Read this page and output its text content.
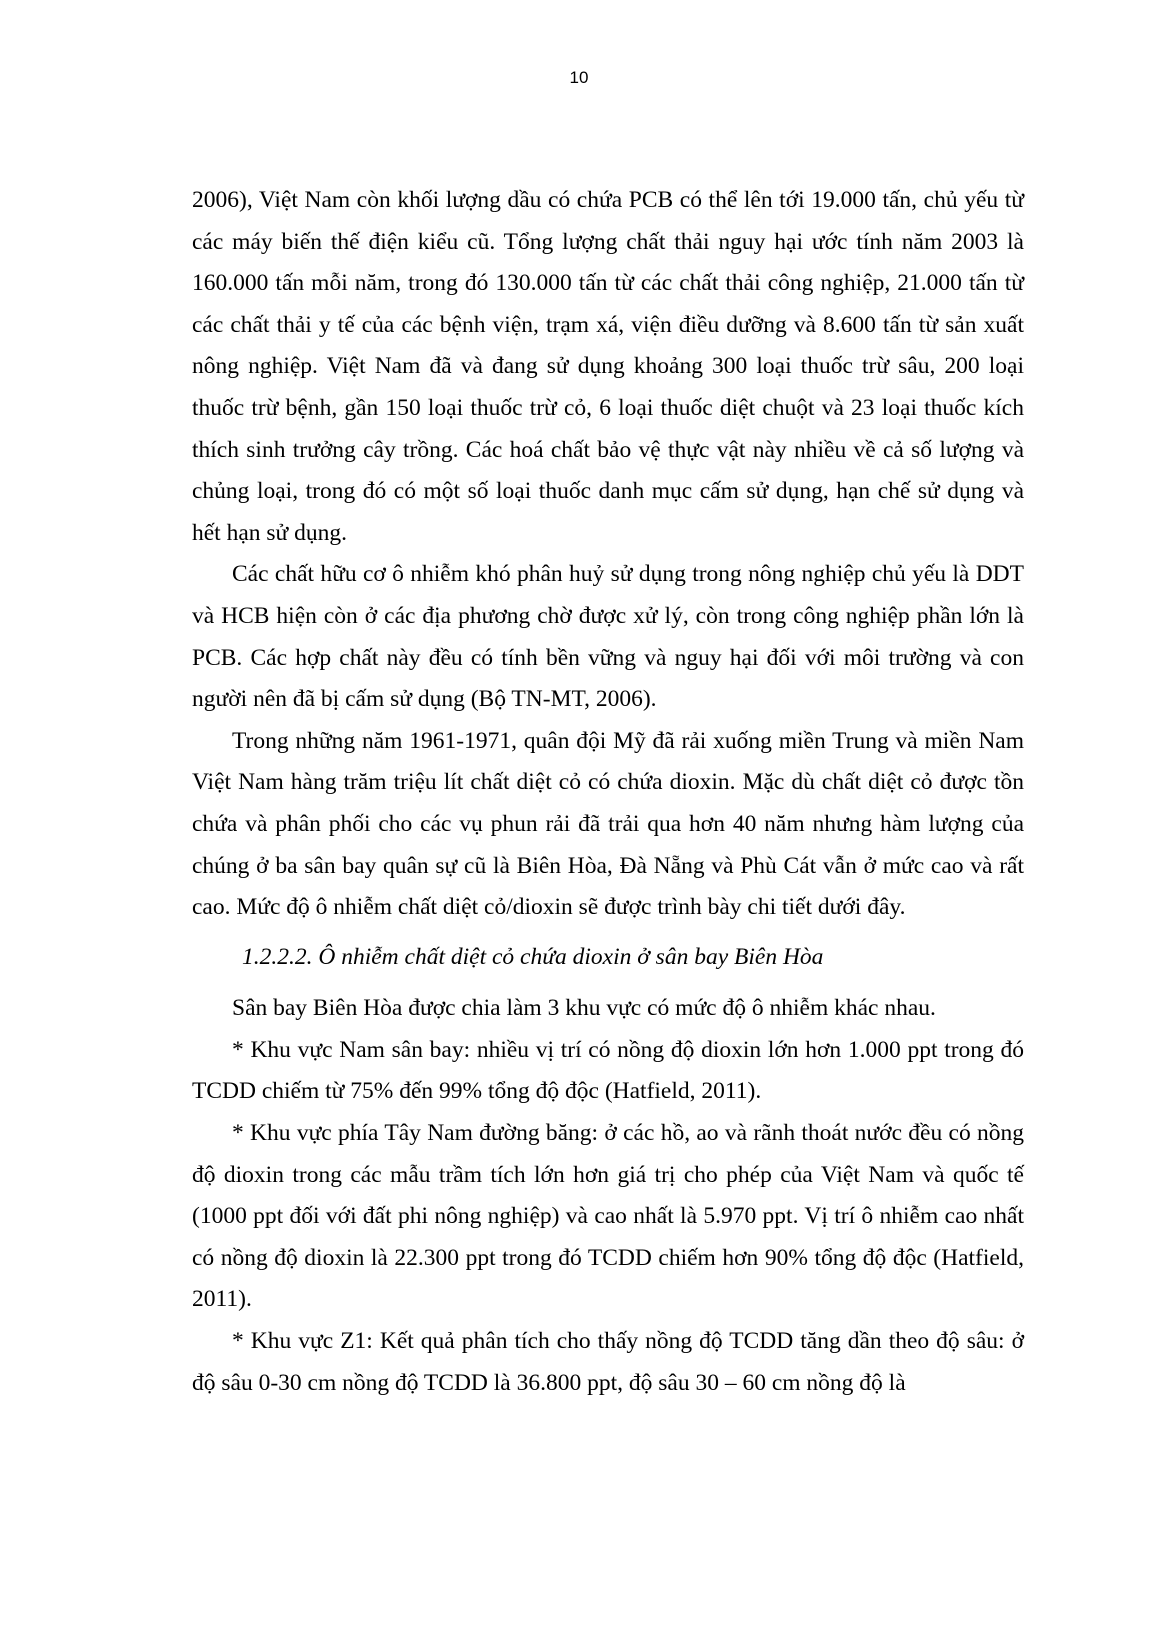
10

2006), Việt Nam còn khối lượng dầu có chứa PCB có thể lên tới 19.000 tấn, chủ yếu từ các máy biến thế điện kiểu cũ. Tổng lượng chất thải nguy hại ước tính năm 2003 là 160.000 tấn mỗi năm, trong đó 130.000 tấn từ các chất thải công nghiệp, 21.000 tấn từ các chất thải y tế của các bệnh viện, trạm xá, viện điều dưỡng và 8.600 tấn từ sản xuất nông nghiệp. Việt Nam đã và đang sử dụng khoảng 300 loại thuốc trừ sâu, 200 loại thuốc trừ bệnh, gần 150 loại thuốc trừ cỏ, 6 loại thuốc diệt chuột và 23 loại thuốc kích thích sinh trưởng cây trồng. Các hoá chất bảo vệ thực vật này nhiều về cả số lượng và chủng loại, trong đó có một số loại thuốc danh mục cấm sử dụng, hạn chế sử dụng và hết hạn sử dụng.

Các chất hữu cơ ô nhiễm khó phân huỷ sử dụng trong nông nghiệp chủ yếu là DDT và HCB hiện còn ở các địa phương chờ được xử lý, còn trong công nghiệp phần lớn là PCB. Các hợp chất này đều có tính bền vững và nguy hại đối với môi trường và con người nên đã bị cấm sử dụng (Bộ TN-MT, 2006).

Trong những năm 1961-1971, quân đội Mỹ đã rải xuống miền Trung và miền Nam Việt Nam hàng trăm triệu lít chất diệt cỏ có chứa dioxin. Mặc dù chất diệt cỏ được tồn chứa và phân phối cho các vụ phun rải đã trải qua hơn 40 năm nhưng hàm lượng của chúng ở ba sân bay quân sự cũ là Biên Hòa, Đà Nẵng và Phù Cát vẫn ở mức cao và rất cao. Mức độ ô nhiễm chất diệt cỏ/dioxin sẽ được trình bày chi tiết dưới đây.

1.2.2.2. Ô nhiễm chất diệt cỏ chứa dioxin ở sân bay Biên Hòa

Sân bay Biên Hòa được chia làm 3 khu vực có mức độ ô nhiễm khác nhau.

* Khu vực Nam sân bay: nhiều vị trí có nồng độ dioxin lớn hơn 1.000 ppt trong đó TCDD chiếm từ 75% đến 99% tổng độ độc (Hatfield, 2011).

* Khu vực phía Tây Nam đường băng: ở các hồ, ao và rãnh thoát nước đều có nồng độ dioxin trong các mẫu trầm tích lớn hơn giá trị cho phép của Việt Nam và quốc tế (1000 ppt đối với đất phi nông nghiệp) và cao nhất là 5.970 ppt. Vị trí ô nhiễm cao nhất có nồng độ dioxin là 22.300 ppt trong đó TCDD chiếm hơn 90% tổng độ độc (Hatfield, 2011).

* Khu vực Z1: Kết quả phân tích cho thấy nồng độ TCDD tăng dần theo độ sâu: ở độ sâu 0-30 cm nồng độ TCDD là 36.800 ppt, độ sâu 30 – 60 cm nồng độ là
